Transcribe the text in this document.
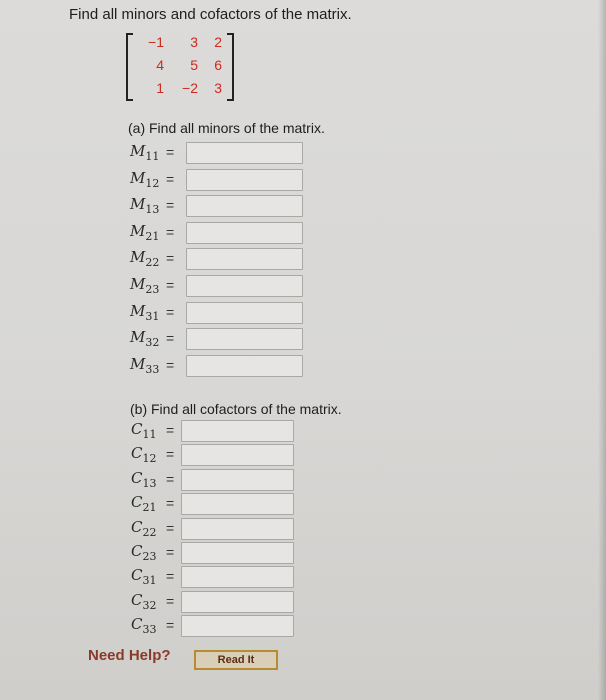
Find all minors and cofactors of the matrix.
−1	3	2
4	5	6
1	−2	3
(a) Find all minors of the matrix.
$M_{11}$ =
$M_{12}$ =
$M_{13}$ =
$M_{21}$ =
$M_{22}$ =
$M_{23}$ =
$M_{31}$ =
$M_{32}$ =
$M_{33}$ =
(b) Find all cofactors of the matrix.
$C_{11}$ =
$C_{12}$ =
$C_{13}$ =
$C_{21}$ =
$C_{22}$ =
$C_{23}$ =
$C_{31}$ =
$C_{32}$ =
$C_{33}$ =
Need Help?	Read It
